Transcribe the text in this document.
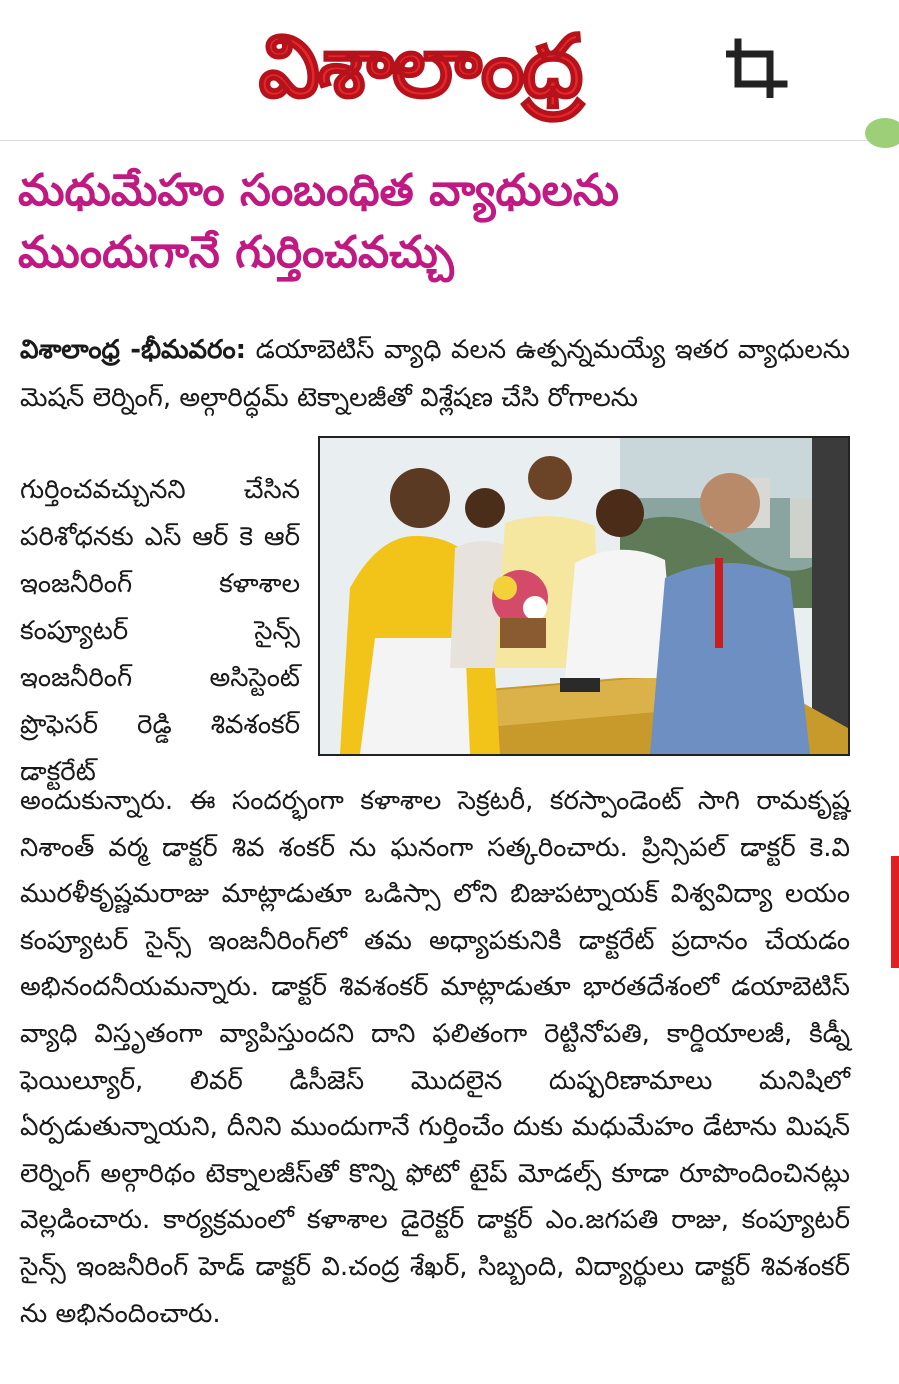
విశాలాంధ్ర
మధుమేహం సంబంధిత వ్యాధులను
ముందుగానే గుర్తించవచ్చు

విశాలాంధ్ర -భీమవరం: డయాబెటిస్ వ్యాధి వలన ఉత్పన్నమయ్యే ఇతర వ్యాధులను మెషన్ లెర్నింగ్, అల్గారిద్ధమ్ టెక్నాలజీతో విశ్లేషణ చేసి రోగాలను

గుర్తించవచ్చునని చేసిన పరిశోధనకు ఎస్ ఆర్ కె ఆర్ ఇంజనీరింగ్ కళాశాల కంప్యూటర్ సైన్స్ ఇంజనీరింగ్ అసిస్టెంట్ ప్రొఫెసర్ రెడ్డి శివశంకర్ డాక్టరేట్

అందుకున్నారు. ఈ సందర్భంగా కళాశాల సెక్రటరీ, కరస్పాండెంట్ సాగి రామకృష్ణ నిశాంత్ వర్మ డాక్టర్ శివ శంకర్ ను ఘనంగా సత్కరించారు. ప్రిన్సిపల్ డాక్టర్ కె.వి మురళీకృష్ణమరాజు మాట్లాడుతూ ఒడిస్సా లోని బిజుపట్నాయక్ విశ్వవిద్యా లయం కంప్యూటర్ సైన్స్ ఇంజనీరింగ్‌లో తమ అధ్యాపకునికి డాక్టరేట్ ప్రదానం చేయడం అభినందనీయమన్నారు. డాక్టర్ శివశంకర్ మాట్లాడుతూ భారతదేశంలో డయాబెటిస్ వ్యాధి విస్తృతంగా వ్యాపిస్తుందని దాని ఫలితంగా రెట్టినోపతి, కార్డియాలజీ, కిడ్నీ ఫెయిల్యూర్, లివర్ డిసీజెస్ మొదలైన దుష్పరిణామాలు మనిషిలో ఏర్పడుతున్నాయని, దీనిని ముందుగానే గుర్తించేం దుకు మధుమేహం డేటాను మిషన్ లెర్నింగ్ అల్గారిథం టెక్నాలజీస్‌తో కొన్ని ఫోటో టైప్ మోడల్స్ కూడా రూపొందించినట్లు వెల్లడించారు. కార్యక్రమంలో కళాశాల డైరెక్టర్ డాక్టర్ ఎం.జగపతి రాజు, కంప్యూటర్ సైన్స్ ఇంజనీరింగ్ హెడ్ డాక్టర్ వి.చంద్ర శేఖర్, సిబ్బంది, విద్యార్థులు డాక్టర్ శివశంకర్ ను అభినందించారు.
